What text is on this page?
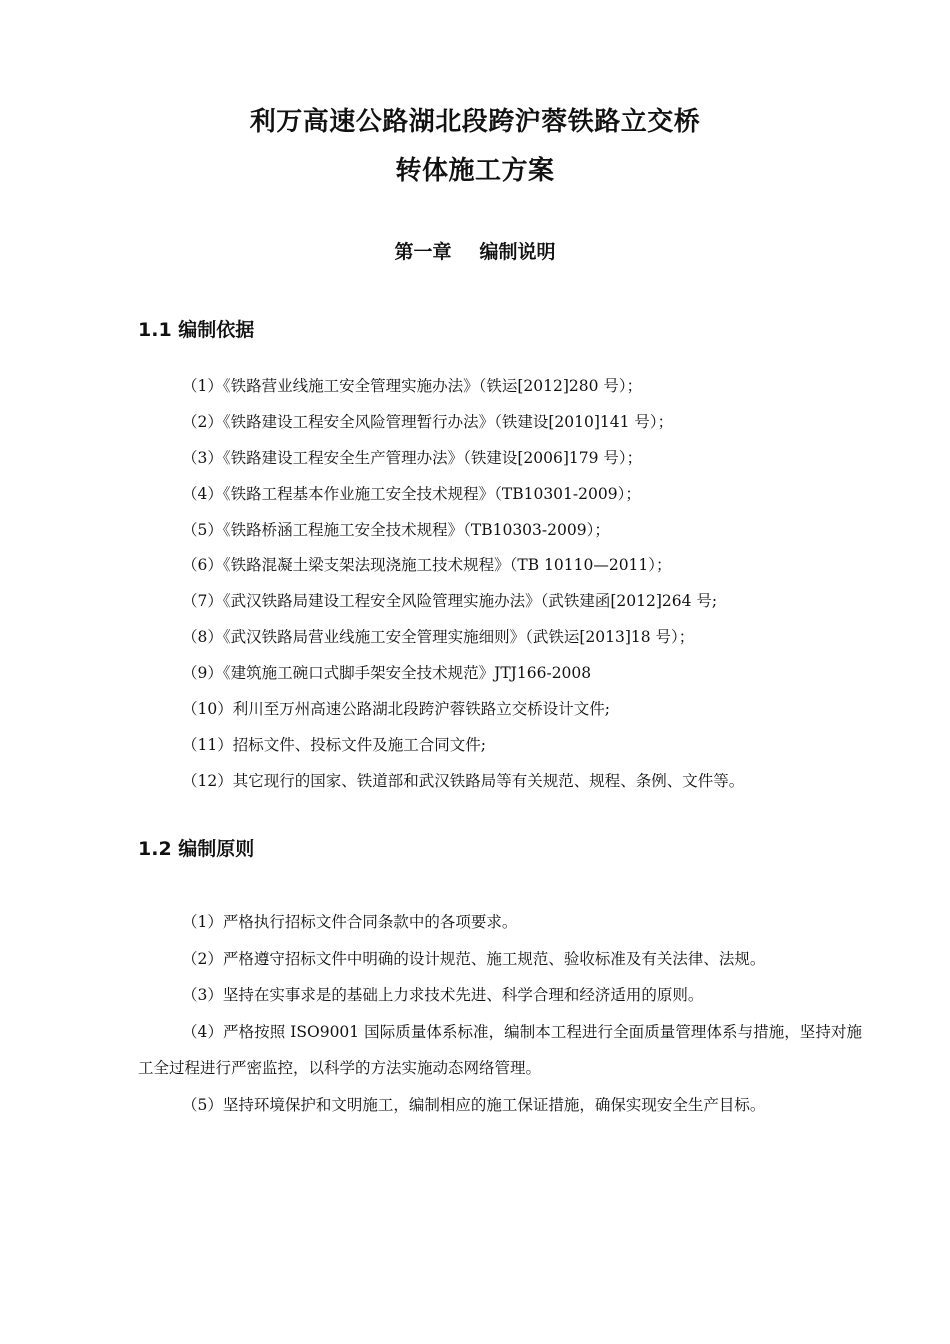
利万高速公路湖北段跨沪蓉铁路立交桥
转体施工方案
第一章 编制说明
1.1 编制依据
（1）《铁路营业线施工安全管理实施办法》（铁运[2012]280 号）；
（2）《铁路建设工程安全风险管理暂行办法》（铁建设[2010]141 号）；
（3）《铁路建设工程安全生产管理办法》（铁建设[2006]179 号）；
（4）《铁路工程基本作业施工安全技术规程》（TB10301-2009）；
（5）《铁路桥涵工程施工安全技术规程》（TB10303-2009）；
（6）《铁路混凝土梁支架法现浇施工技术规程》（TB 10110—2011）；
（7）《武汉铁路局建设工程安全风险管理实施办法》（武铁建函[2012]264 号;
（8）《武汉铁路局营业线施工安全管理实施细则》（武铁运[2013]18 号）；
（9）《建筑施工碗口式脚手架安全技术规范》JTJ166-2008
（10）利川至万州高速公路湖北段跨沪蓉铁路立交桥设计文件;
（11）招标文件、投标文件及施工合同文件;
（12）其它现行的国家、铁道部和武汉铁路局等有关规范、规程、条例、文件等。
1.2 编制原则

（1）严格执行招标文件合同条款中的各项要求。

（2）严格遵守招标文件中明确的设计规范、施工规范、验收标准及有关法律、法规。

（3）坚持在实事求是的基础上力求技术先进、科学合理和经济适用的原则。

（4）严格按照 ISO9001 国际质量体系标准，编制本工程进行全面质量管理体系与措施，坚持对施工全过程进行严密监控，以科学的方法实施动态网络管理。

（5）坚持环境保护和文明施工，编制相应的施工保证措施，确保实现安全生产目标。
